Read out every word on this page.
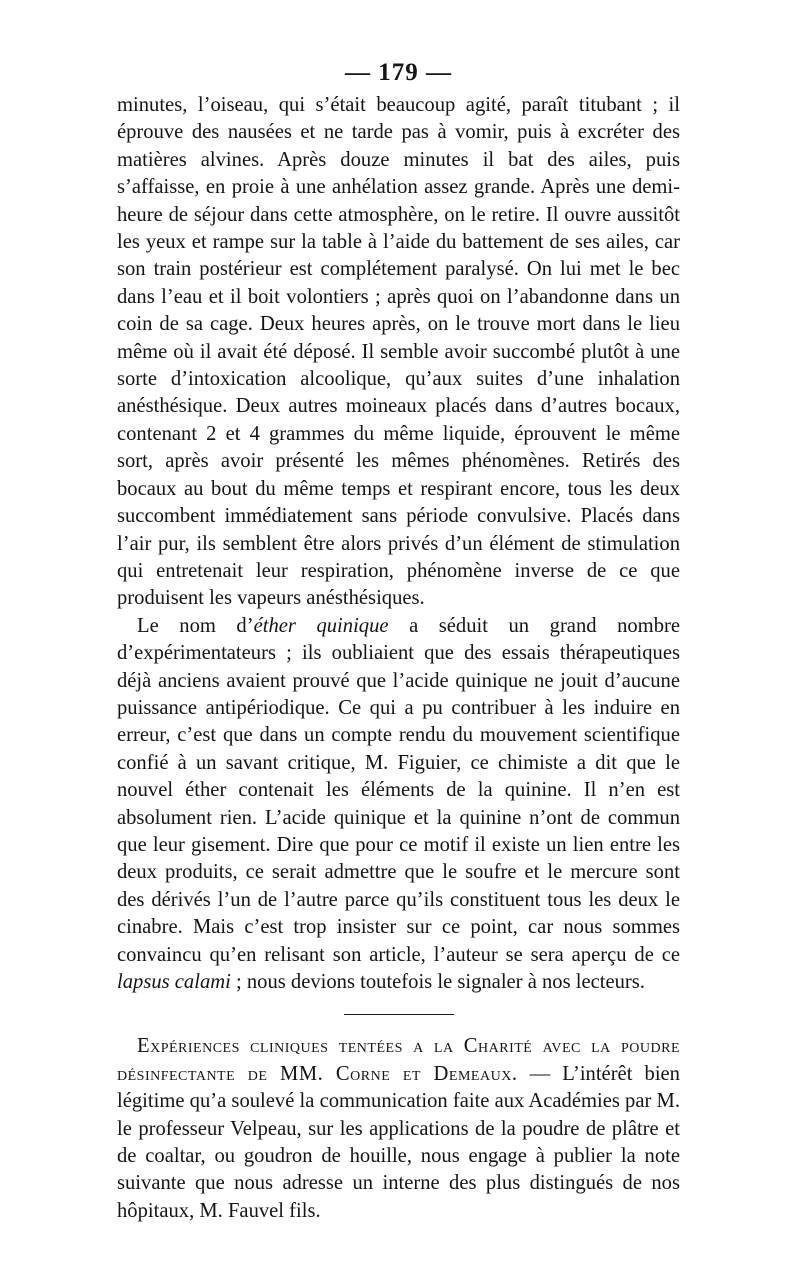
— 179 —

minutes, l’oiseau, qui s’était beaucoup agité, paraît titubant ; il éprouve des nausées et ne tarde pas à vomir, puis à excréter des matières alvines. Après douze minutes il bat des ailes, puis s’affaisse, en proie à une anhélation assez grande. Après une demi-heure de séjour dans cette atmosphère, on le retire. Il ouvre aussitôt les yeux et rampe sur la table à l’aide du battement de ses ailes, car son train postérieur est complétement paralysé. On lui met le bec dans l’eau et il boit volontiers ; après quoi on l’abandonne dans un coin de sa cage. Deux heures après, on le trouve mort dans le lieu même où il avait été déposé. Il semble avoir succombé plutôt à une sorte d’intoxication alcoolique, qu’aux suites d’une inhalation anésthésique. Deux autres moineaux placés dans d’autres bocaux, contenant 2 et 4 grammes du même liquide, éprouvent le même sort, après avoir présenté les mêmes phénomènes. Retirés des bocaux au bout du même temps et respirant encore, tous les deux succombent immédiatement sans période convulsive. Placés dans l’air pur, ils semblent être alors privés d’un élément de stimulation qui entretenait leur respiration, phénomène inverse de ce que produisent les vapeurs anésthésiques.

Le nom d’éther quinique a séduit un grand nombre d’expérimentateurs ; ils oubliaient que des essais thérapeutiques déjà anciens avaient prouvé que l’acide quinique ne jouit d’aucune puissance antipériodique. Ce qui a pu contribuer à les induire en erreur, c’est que dans un compte rendu du mouvement scientifique confié à un savant critique, M. Figuier, ce chimiste a dit que le nouvel éther contenait les éléments de la quinine. Il n’en est absolument rien. L’acide quinique et la quinine n’ont de commun que leur gisement. Dire que pour ce motif il existe un lien entre les deux produits, ce serait admettre que le soufre et le mercure sont des dérivés l’un de l’autre parce qu’ils constituent tous les deux le cinabre. Mais c’est trop insister sur ce point, car nous sommes convaincu qu’en relisant son article, l’auteur se sera aperçu de ce lapsus calami ; nous devions toutefois le signaler à nos lecteurs.

Expériences cliniques tentées a la Charité avec la poudre désinfectante de MM. Corne et Demeaux. — L’intérêt bien légitime qu’a soulevé la communication faite aux Académies par M. le professeur Velpeau, sur les applications de la poudre de plâtre et de coaltar, ou goudron de houille, nous engage à publier la note suivante que nous adresse un interne des plus distingués de nos hôpitaux, M. Fauvel fils.
